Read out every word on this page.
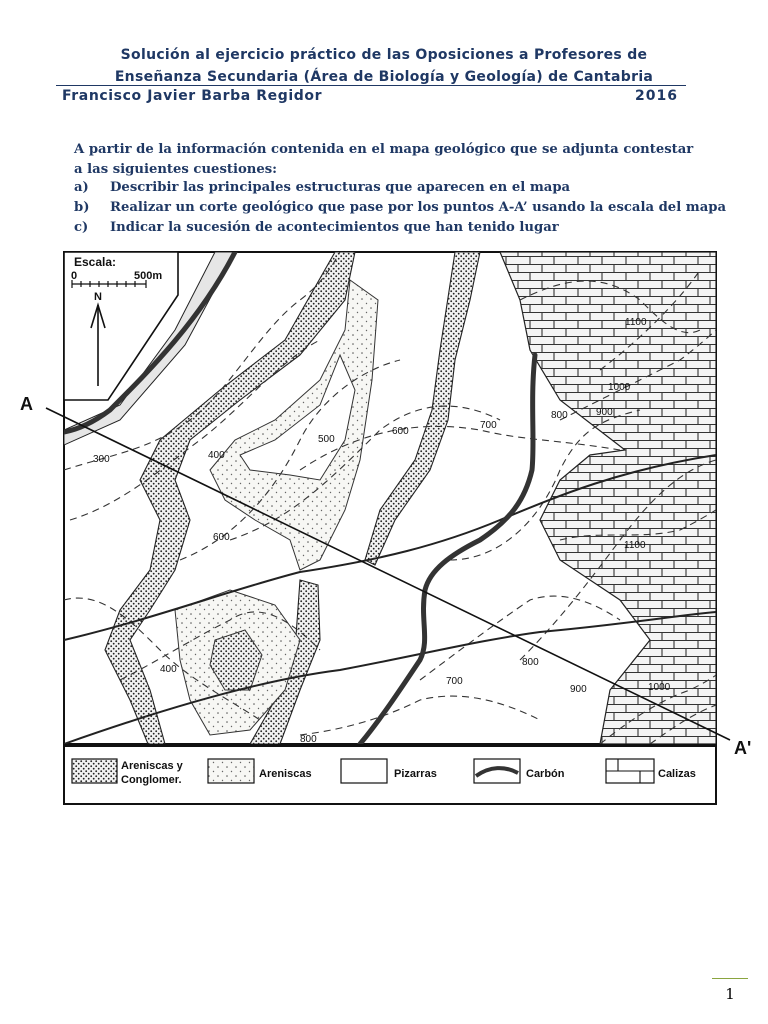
Solución al ejercicio práctico de las Oposiciones a Profesores de
Enseñanza Secundaria (Área de Biología y Geología) de Cantabria
Francisco Javier Barba Regidor	2016
A partir de la información contenida en el mapa geológico que se adjunta contestar a las siguientes cuestiones:
a) Describir las principales estructuras que aparecen en el mapa
b) Realizar un corte geológico que pase por los puntos A-A’ usando la escala del mapa
c) Indicar la sucesión de acontecimientos que han tenido lugar
Escala:
0	500m
N
300	400
500
600
700
800	900
1000
1100
600
400
800
700
800
900	1000
1100
A
A'
Areniscas y Conglomer.	Areniscas	Pizarras	Carbón	Calizas
1
